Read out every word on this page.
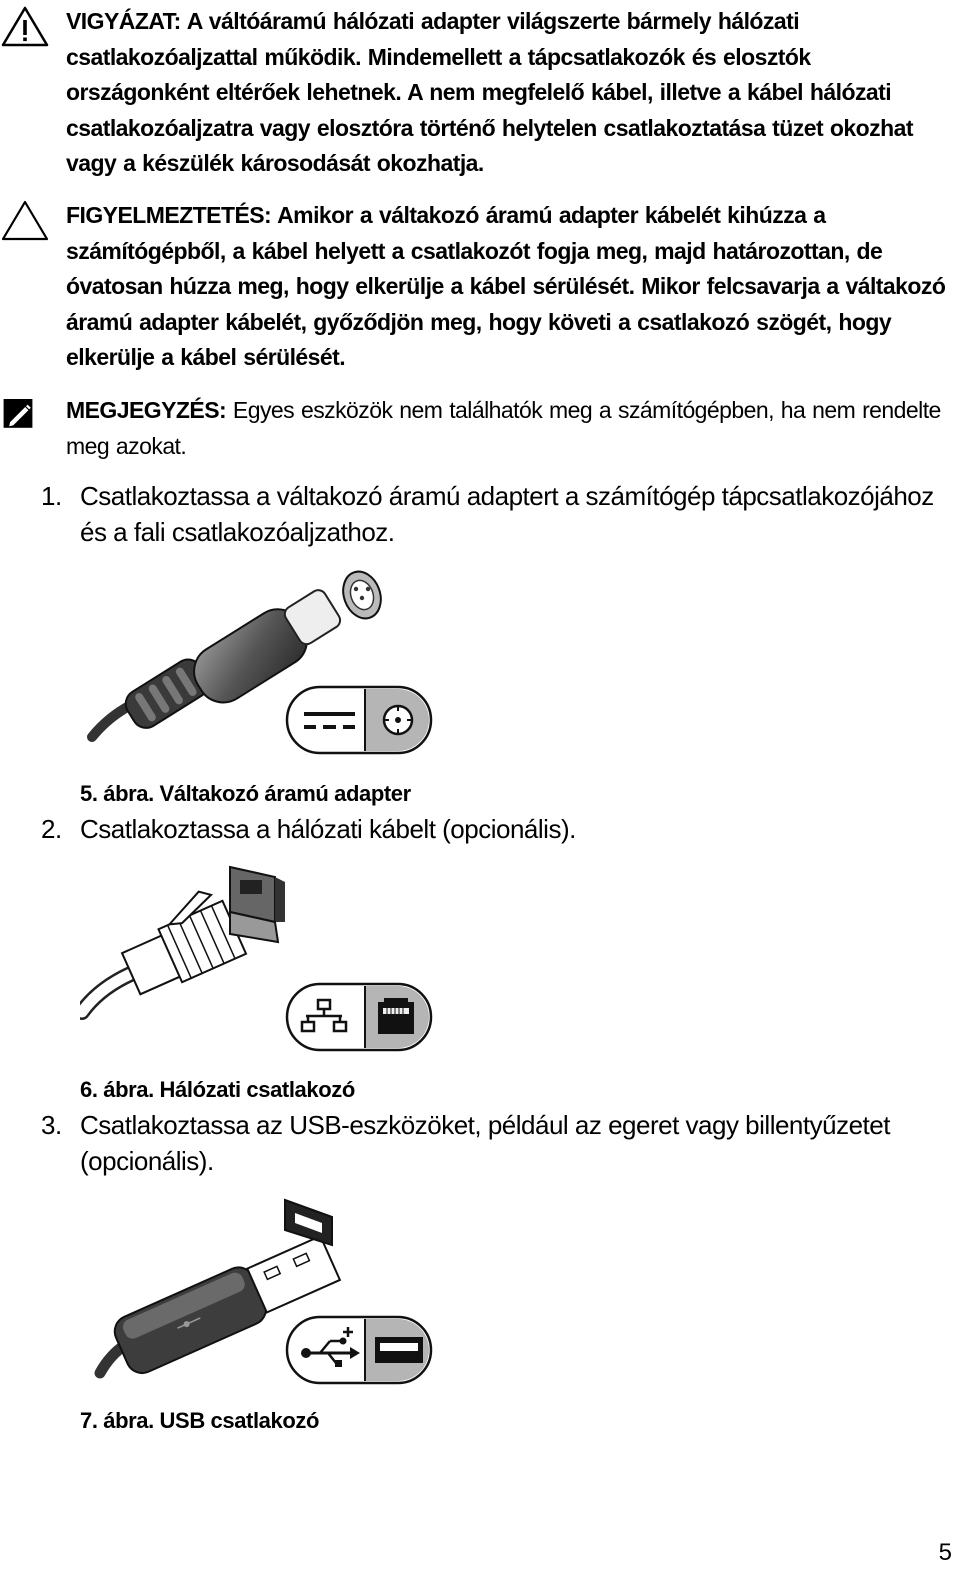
VIGYÁZAT: A váltóáramú hálózati adapter világszerte bármely hálózati csatlakozóaljzattal működik. Mindemellett a tápcsatlakozók és elosztók országonként eltérőek lehetnek. A nem megfelelő kábel, illetve a kábel hálózati csatlakozóaljzatra vagy elosztóra történő helytelen csatlakoztatása tüzet okozhat vagy a készülék károsodását okozhatja.
FIGYELMEZTETÉS: Amikor a váltakozó áramú adapter kábelét kihúzza a számítógépből, a kábel helyett a csatlakozót fogja meg, majd határozottan, de óvatosan húzza meg, hogy elkerülje a kábel sérülését. Mikor felcsavarja a váltakozó áramú adapter kábelét, győződjön meg, hogy követi a csatlakozó szögét, hogy elkerülje a kábel sérülését.
MEGJEGYZÉS: Egyes eszközök nem találhatók meg a számítógépben, ha nem rendelte meg azokat.
1. Csatlakoztassa a váltakozó áramú adaptert a számítógép tápcsatlakozójához és a fali csatlakozóaljzathoz.
5. ábra. Váltakozó áramú adapter
2. Csatlakoztassa a hálózati kábelt (opcionális).
6. ábra. Hálózati csatlakozó
3. Csatlakoztassa az USB-eszközöket, például az egeret vagy billentyűzetet (opcionális).
7. ábra. USB csatlakozó
5
